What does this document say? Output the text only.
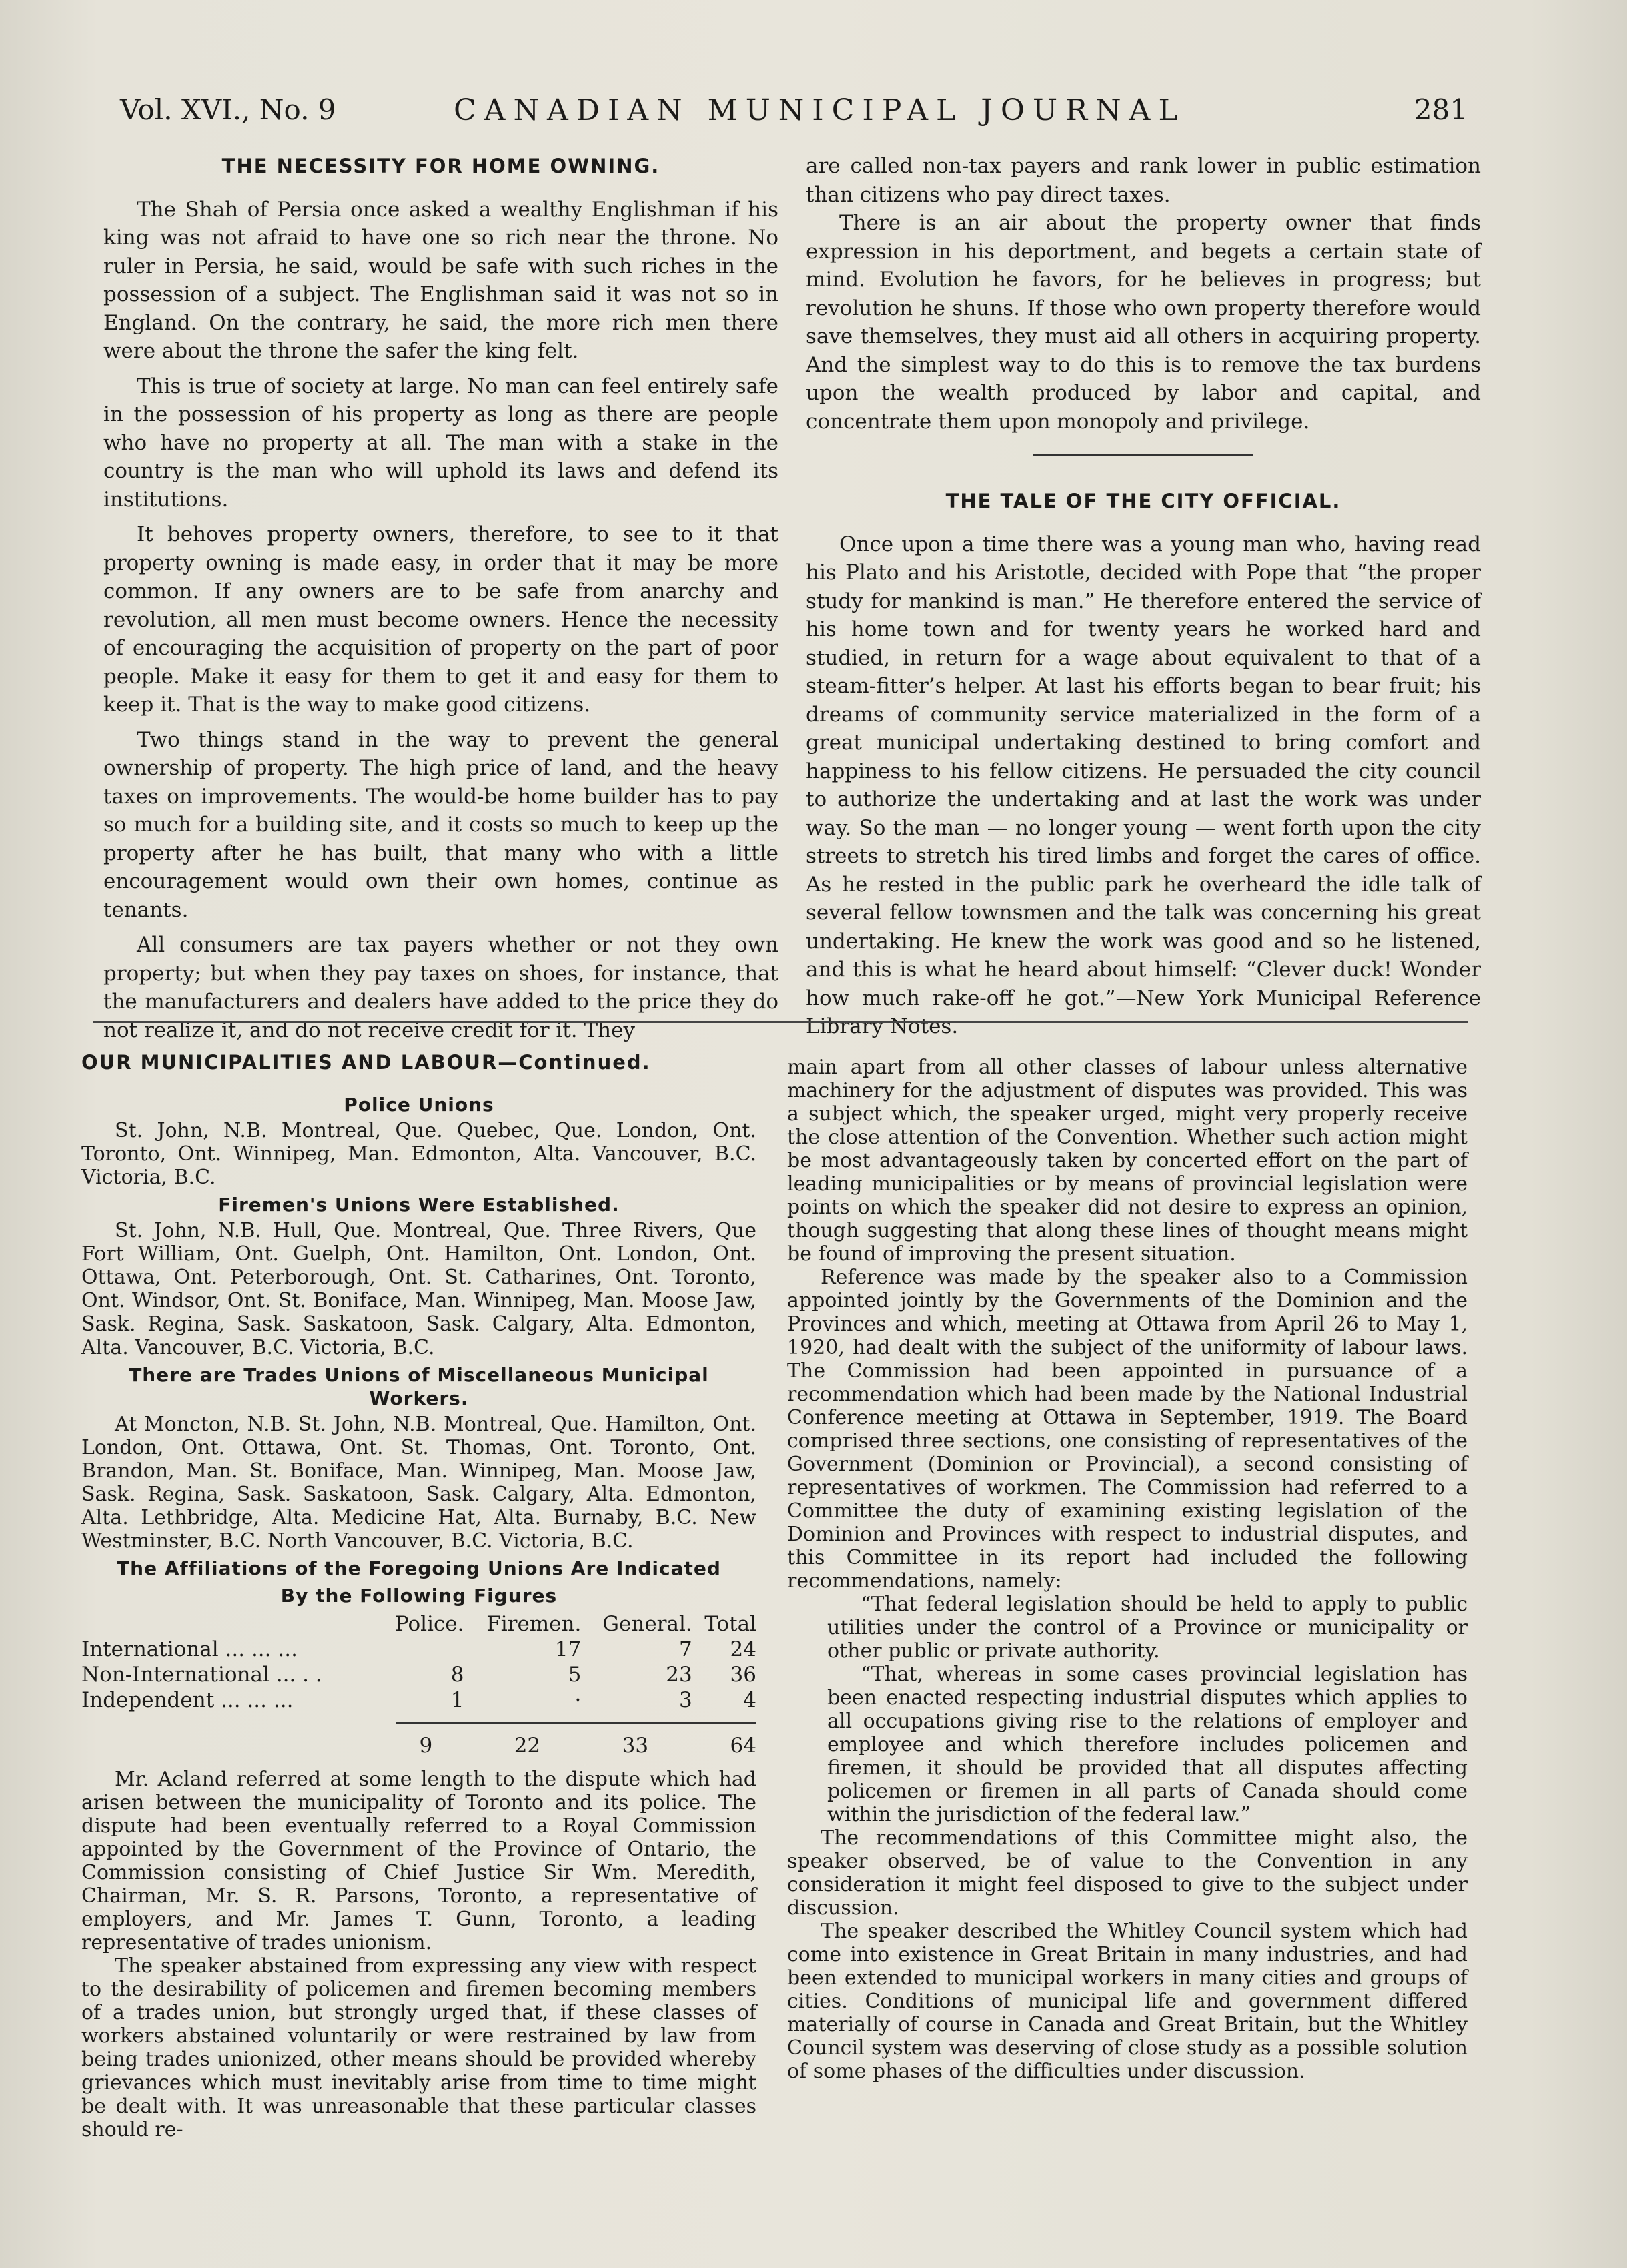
Vol. XVI., No. 9	CANADIAN MUNICIPAL JOURNAL	281
THE NECESSITY FOR HOME OWNING.

The Shah of Persia once asked a wealthy Englishman if his king was not afraid to have one so rich near the throne. No ruler in Persia, he said, would be safe with such riches in the possession of a subject. The Englishman said it was not so in England. On the contrary, he said, the more rich men there were about the throne the safer the king felt.

This is true of society at large. No man can feel entirely safe in the possession of his property as long as there are people who have no property at all. The man with a stake in the country is the man who will uphold its laws and defend its institutions.

It behoves property owners, therefore, to see to it that property owning is made easy, in order that it may be more common. If any owners are to be safe from anarchy and revolution, all men must become owners. Hence the necessity of encouraging the acquisition of property on the part of poor people. Make it easy for them to get it and easy for them to keep it. That is the way to make good citizens.

Two things stand in the way to prevent the general ownership of property. The high price of land, and the heavy taxes on improvements. The would-be home builder has to pay so much for a building site, and it costs so much to keep up the property after he has built, that many who with a little encouragement would own their own homes, continue as tenants.

All consumers are tax payers whether or not they own property; but when they pay taxes on shoes, for instance, that the manufacturers and dealers have added to the price they do not realize it, and do not receive credit for it. They

are called non-tax payers and rank lower in public estimation than citizens who pay direct taxes.

There is an air about the property owner that finds expression in his deportment, and begets a certain state of mind. Evolution he favors, for he believes in progress; but revolution he shuns. If those who own property therefore would save themselves, they must aid all others in acquiring property. And the simplest way to do this is to remove the tax burdens upon the wealth produced by labor and capital, and concentrate them upon monopoly and privilege.

THE TALE OF THE CITY OFFICIAL.

Once upon a time there was a young man who, having read his Plato and his Aristotle, decided with Pope that “the proper study for mankind is man.” He therefore entered the service of his home town and for twenty years he worked hard and studied, in return for a wage about equivalent to that of a steam-fitter’s helper. At last his efforts began to bear fruit; his dreams of community service materialized in the form of a great municipal undertaking destined to bring comfort and happiness to his fellow citizens. He persuaded the city council to authorize the undertaking and at last the work was under way. So the man — no longer young — went forth upon the city streets to stretch his tired limbs and forget the cares of office. As he rested in the public park he overheard the idle talk of several fellow townsmen and the talk was concerning his great undertaking. He knew the work was good and so he listened, and this is what he heard about himself: “Clever duck! Wonder how much rake-off he got.”—New York Municipal Reference Library Notes.

OUR MUNICIPALITIES AND LABOUR—Continued.
Police Unions

St. John, N.B. Montreal, Que. Quebec, Que. London, Ont. Toronto, Ont. Winnipeg, Man. Edmonton, Alta. Vancouver, B.C. Victoria, B.C.

Firemen's Unions Were Established.

St. John, N.B. Hull, Que. Montreal, Que. Three Rivers, Que Fort William, Ont. Guelph, Ont. Hamilton, Ont. London, Ont. Ottawa, Ont. Peterborough, Ont. St. Catharines, Ont. Toronto, Ont. Windsor, Ont. St. Boniface, Man. Winnipeg, Man. Moose Jaw, Sask. Regina, Sask. Saskatoon, Sask. Calgary, Alta. Edmonton, Alta. Vancouver, B.C. Victoria, B.C.

There are Trades Unions of Miscellaneous Municipal Workers.

At Moncton, N.B. St. John, N.B. Montreal, Que. Hamilton, Ont. London, Ont. Ottawa, Ont. St. Thomas, Ont. Toronto, Ont. Brandon, Man. St. Boniface, Man. Winnipeg, Man. Moose Jaw, Sask. Regina, Sask. Saskatoon, Sask. Calgary, Alta. Edmonton, Alta. Lethbridge, Alta. Medicine Hat, Alta. Burnaby, B.C. New Westminster, B.C. North Vancouver, B.C. Victoria, B.C.

The Affiliations of the Foregoing Unions Are Indicated
By the Following Figures
	Police.	Firemen.	General.	Total
International ... ... ...		17	7	24
Non-International ... . .	8	5	23	36
Independent ... ... ...	1	·	3	4
	9	22	33	64

Mr. Acland referred at some length to the dispute which had arisen between the municipality of Toronto and its police. The dispute had been eventually referred to a Royal Commission appointed by the Government of the Province of Ontario, the Commission consisting of Chief Justice Sir Wm. Meredith, Chairman, Mr. S. R. Parsons, Toronto, a representative of employers, and Mr. James T. Gunn, Toronto, a leading representative of trades unionism.

The speaker abstained from expressing any view with respect to the desirability of policemen and firemen becoming members of a trades union, but strongly urged that, if these classes of workers abstained voluntarily or were restrained by law from being trades unionized, other means should be provided whereby grievances which must inevitably arise from time to time might be dealt with. It was unreasonable that these particular classes should re-

main apart from all other classes of labour unless alternative machinery for the adjustment of disputes was provided. This was a subject which, the speaker urged, might very properly receive the close attention of the Convention. Whether such action might be most advantageously taken by concerted effort on the part of leading municipalities or by means of provincial legislation were points on which the speaker did not desire to express an opinion, though suggesting that along these lines of thought means might be found of improving the present situation.

Reference was made by the speaker also to a Commission appointed jointly by the Governments of the Dominion and the Provinces and which, meeting at Ottawa from April 26 to May 1, 1920, had dealt with the subject of the uniformity of labour laws. The Commission had been appointed in pursuance of a recommendation which had been made by the National Industrial Conference meeting at Ottawa in September, 1919. The Board comprised three sections, one consisting of representatives of the Government (Dominion or Provincial), a second consisting of representatives of workmen. The Commission had referred to a Committee the duty of examining existing legislation of the Dominion and Provinces with respect to industrial disputes, and this Committee in its report had included the following recommendations, namely:

“That federal legislation should be held to apply to public utilities under the control of a Province or municipality or other public or private authority.

“That, whereas in some cases provincial legislation has been enacted respecting industrial disputes which applies to all occupations giving rise to the relations of employer and employee and which therefore includes policemen and firemen, it should be provided that all disputes affecting policemen or firemen in all parts of Canada should come within the jurisdiction of the federal law.”

The recommendations of this Committee might also, the speaker observed, be of value to the Convention in any consideration it might feel disposed to give to the subject under discussion.

The speaker described the Whitley Council system which had come into existence in Great Britain in many industries, and had been extended to municipal workers in many cities and groups of cities. Conditions of municipal life and government differed materially of course in Canada and Great Britain, but the Whitley Council system was deserving of close study as a possible solution of some phases of the difficulties under discussion.
